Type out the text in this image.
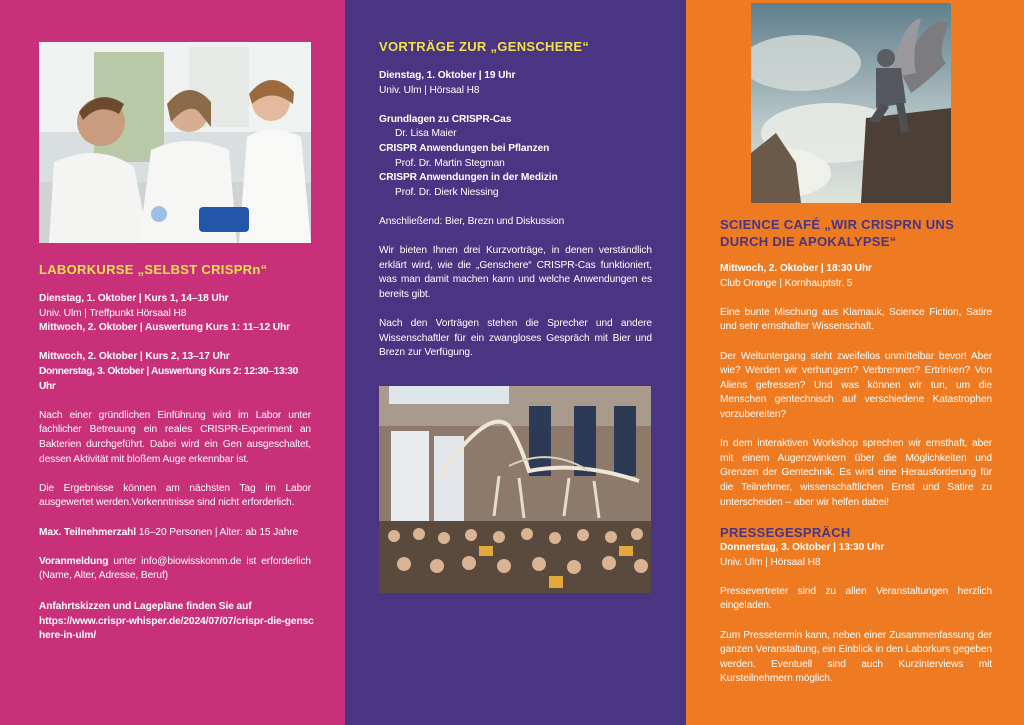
LABORKURSE „SELBST CRISPRn“

Dienstag, 1. Oktober | Kurs 1, 14–18 Uhr
Univ. Ulm | Treffpunkt Hörsaal H8
Mittwoch, 2. Oktober | Auswertung Kurs 1: 11–12 Uhr

Mittwoch, 2. Oktober | Kurs 2, 13–17 Uhr
Donnerstag, 3. Oktober | Auswertung Kurs 2: 12:30–13:30 Uhr

Nach einer gründlichen Einführung wird im Labor unter fachlicher Betreuung ein reales CRISPR-Experiment an Bakterien durchgeführt. Dabei wird ein Gen ausgeschaltet, dessen Aktivität mit bloßem Auge erkennbar ist.

Die Ergebnisse können am nächsten Tag im Labor ausgewertet werden.Vorkenntnisse sind nicht erforderlich.

Max. Teilnehmerzahl 16–20 Personen | Alter: ab 15 Jahre

Voranmeldung unter info@biowisskomm.de ist erforderlich (Name, Alter, Adresse, Beruf)

Anfahrtskizzen und Lagepläne finden Sie auf
https://www.crispr-whisper.de/2024/07/07/crispr-die-genschere-in-ulm/
VORTRÄGE ZUR „GENSCHERE“

Dienstag, 1. Oktober | 19 Uhr
Univ. Ulm | Hörsaal H8

Grundlagen zu CRISPR-Cas

Dr. Lisa Maier
CRISPR Anwendungen bei Pflanzen

Prof. Dr. Martin Stegman
CRISPR Anwendungen in der Medizin

Prof. Dr. Dierk Niessing

Anschließend: Bier, Brezn und Diskussion

Wir bieten Ihnen drei Kurzvorträge, in denen verständlich erklärt wird, wie die „Genschere“ CRISPR-Cas funktioniert, was man damit machen kann und welche Anwendungen es bereits gibt.

Nach den Vorträgen stehen die Sprecher und andere Wissenschaftler für ein zwangloses Gespräch mit Bier und Brezn zur Verfügung.

SCIENCE CAFÉ „WIR CRISPRN UNS DURCH DIE APOKALYPSE“

Mittwoch, 2. Oktober | 18:30 Uhr
Club Orange | Kornhauptstr. 5

Eine bunte Mischung aus Klamauk, Science Fiction, Satire und sehr ernsthafter Wissenschaft.

Der Weltuntergang steht zweifellos unmittelbar bevor! Aber wie? Werden wir verhungern? Verbrennen? Ertrinken? Von Aliens gefressen? Und was können wir tun, um die Menschen gentechnisch auf verschiedene Katastrophen vorzubereiten?

In dem interaktiven Workshop sprechen wir ernsthaft, aber mit einem Augenzwinkern über die Möglichkeiten und Grenzen der Gentechnik. Es wird eine Herausforderung für die Teilnehmer, wissenschaftlichen Ernst und Satire zu unterscheiden – aber wir helfen dabei!

PRESSEGESPRÄCH

Donnerstag, 3. Oktober | 13:30 Uhr
Univ. Ulm | Hörsaal H8

Pressevertreter sind zu allen Veranstaltungen herzlich eingeladen.

Zum Pressetermin kann, neben einer Zusammenfassung der ganzen Veranstaltung, ein Einblick in den Laborkurs gegeben werden. Eventuell sind auch Kurzinterviews mit Kursteilnehmern möglich.
